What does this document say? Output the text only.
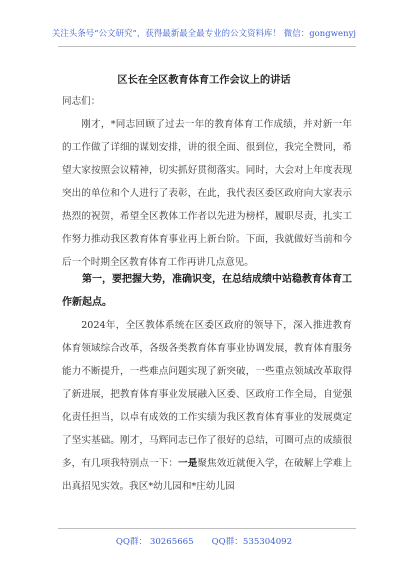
关注头条号“公文研究”，获得最新最全最专业的公文资料库！ 微信：gongwenyj
区长在全区教育体育工作会议上的讲话
同志们：
刚才，*同志回顾了过去一年的教育体育工作成绩，并对新一年的工作做了详细的谋划安排，讲的很全面、很到位，我完全赞同，希望大家按照会议精神，切实抓好贯彻落实。同时，大会对上年度表现突出的单位和个人进行了表彰，在此，我代表区委区政府向大家表示热烈的祝贺，希望全区教体工作者以先进为榜样，履职尽责，扎实工作努力推动我区教育体育事业再上新台阶。下面，我就做好当前和今后一个时期全区教育体育工作再讲几点意见。
第一，要把握大势，准确识变，在总结成绩中站稳教育体育工作新起点。
2024年，全区教体系统在区委区政府的领导下，深入推进教育体育领域综合改革，各级各类教育体育事业协调发展，教育体育服务能力不断提升，一些难点问题实现了新突破，一些重点领域改革取得了新进展，把教育体育事业发展融入区委、区政府工作全局，自觉强化责任担当，以卓有成效的工作实绩为我区教育体育事业的发展奠定了坚实基础。刚才，马辉同志已作了很好的总结，可圈可点的成绩很多，有几项我特别点一下：一是聚焦效近就便入学，在破解上学难上出真招见实效。我区*幼儿园和*庄幼儿园
QQ群： 30265665 QQ群：535304092
